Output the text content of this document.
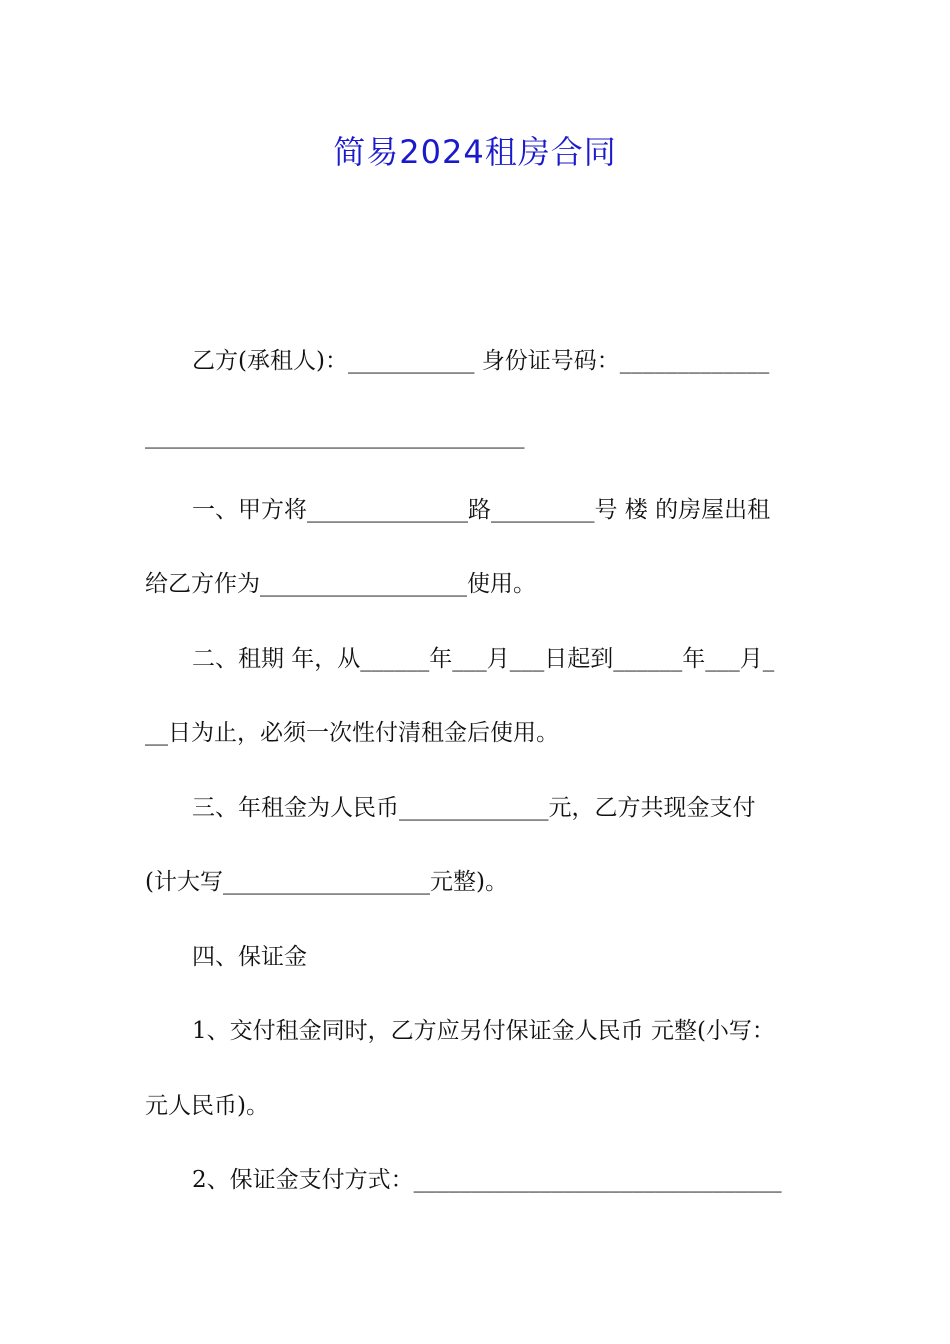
简易2024租房合同
乙方(承租人)：___________ 身份证号码：_____________
_________________________________
一、甲方将______________路_________号 楼 的房屋出租
给乙方作为__________________使用。
二、租期 年，从______年___月___日起到______年___月_
__日为止，必须一次性付清租金后使用。
三、年租金为人民币_____________元，乙方共现金支付
(计大写__________________元整)。
四、保证金
1、交付租金同时，乙方应另付保证金人民币 元整(小写：
元人民币)。
2、保证金支付方式：________________________________
